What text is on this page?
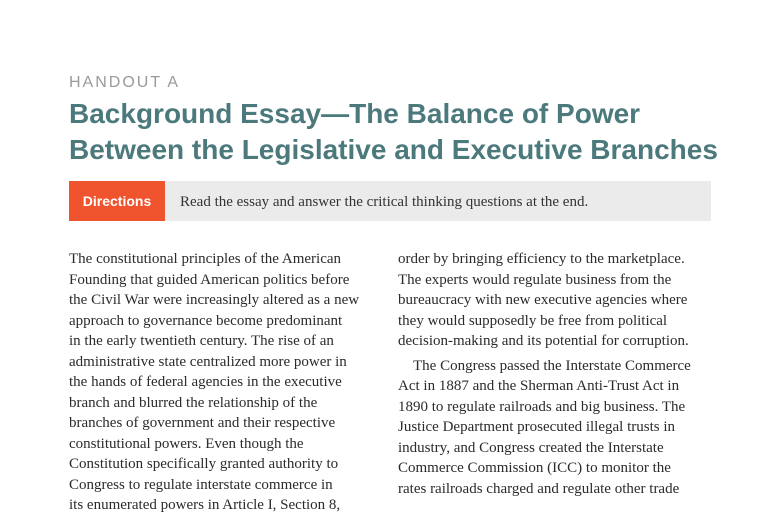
HANDOUT A
Background Essay—The Balance of Power
Between the Legislative and Executive Branches
Directions	Read the essay and answer the critical thinking questions at the end.
The constitutional principles of the American
Founding that guided American politics before
the Civil War were increasingly altered as a new
approach to governance become predominant
in the early twentieth century. The rise of an
administrative state centralized more power in
the hands of federal agencies in the executive
branch and blurred the relationship of the
branches of government and their respective
constitutional powers. Even though the
Constitution specifically granted authority to
Congress to regulate interstate commerce in
its enumerated powers in Article I, Section 8,
order by bringing efficiency to the marketplace.
The experts would regulate business from the
bureaucracy with new executive agencies where
they would supposedly be free from political
decision-making and its potential for corruption.
 The Congress passed the Interstate Commerce
Act in 1887 and the Sherman Anti-Trust Act in
1890 to regulate railroads and big business. The
Justice Department prosecuted illegal trusts in
industry, and Congress created the Interstate
Commerce Commission (ICC) to monitor the
rates railroads charged and regulate other trade
